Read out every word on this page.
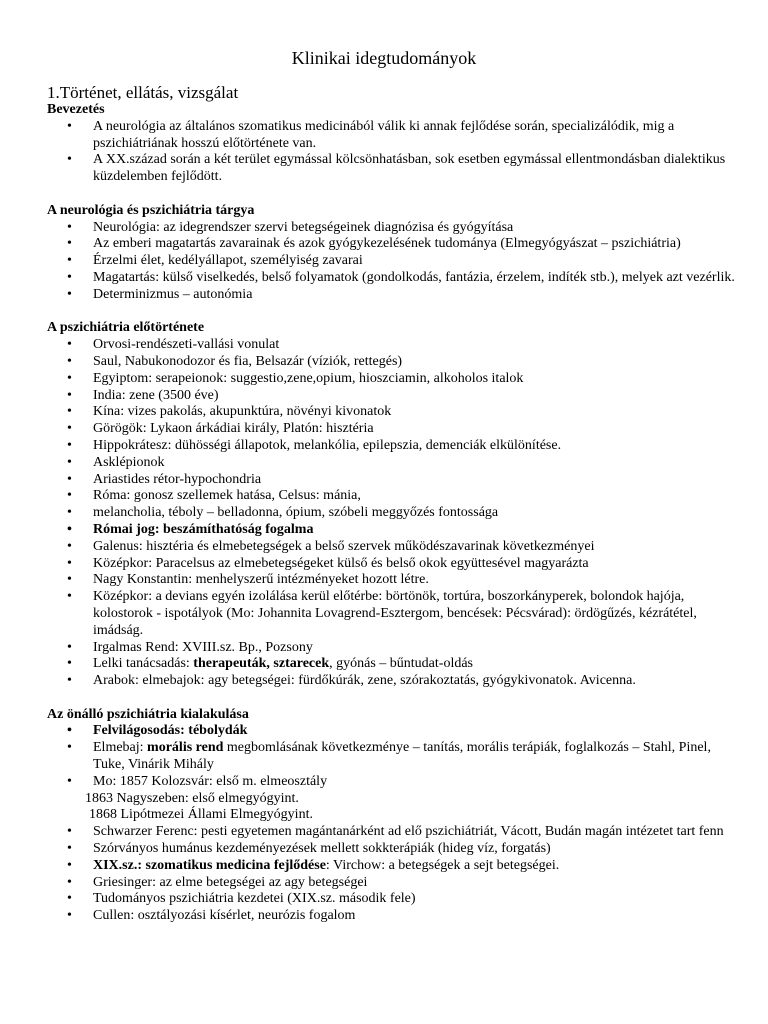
Klinikai idegtudományok
1.Történet, ellátás, vizsgálat
Bevezetés
• A neurológia az általános szomatikus medicinából válik ki annak fejlődése során, specializálódik, mig a pszichiátriának hosszú előtörténete van.
• A XX.század során a két terület egymással kölcsönhatásban, sok esetben egymással ellentmondásban dialektikus küzdelemben fejlődött.
A neurológia és pszichiátria tárgya
• Neurológia: az idegrendszer szervi betegségeinek diagnózisa és gyógyítása
• Az emberi magatartás zavarainak és azok gyógykezelésének tudománya (Elmegyógyászat – pszichiátria)
• Érzelmi élet, kedélyállapot, személyiség zavarai
• Magatartás: külső viselkedés, belső folyamatok (gondolkodás, fantázia, érzelem, indíték stb.), melyek azt vezérlik.
• Determinizmus – autonómia
A pszichiátria előtörténete
• Orvosi-rendészeti-vallási vonulat
• Saul, Nabukonodozor és fia, Belsazár (víziók, rettegés)
• Egyiptom: serapeionok: suggestio,zene,opium, hioszciamin, alkoholos italok
• India: zene (3500 éve)
• Kína: vizes pakolás, akupunktúra, növényi kivonatok
• Görögök: Lykaon árkádiai király, Platón: hisztéria
• Hippokrátesz: dühösségi állapotok, melankólia, epilepszia, demenciák elkülönítése.
• Asklépionok
• Ariastides rétor-hypochondria
• Róma: gonosz szellemek hatása, Celsus: mánia,
• melancholia, téboly – belladonna, ópium, szóbeli meggyőzés fontossága
• Római jog: beszámíthatóság fogalma
• Galenus: hisztéria és elmebetegségek a belső szervek működészavarinak következményei
• Középkor: Paracelsus az elmebetegségeket külső és belső okok együttesével magyarázta
• Nagy Konstantin: menhelyszerű intézményeket hozott létre.
• Középkor: a devians egyén izolálása kerül előtérbe: börtönök, tortúra, boszorkányperek, bolondok hajója, kolostorok - ispotályok (Mo: Johannita Lovagrend-Esztergom, bencések: Pécsvárad): ördögűzés, kézrátétel, imádság.
• Irgalmas Rend: XVIII.sz. Bp., Pozsony
• Lelki tanácsadás: therapeuták, sztarecek, gyónás – bűntudat-oldás
• Arabok: elmebajok: agy betegségei: fürdőkúrák, zene, szórakoztatás, gyógykivonatok. Avicenna.
Az önálló pszichiátria kialakulása
• Felvilágosodás: tébolydák
• Elmebaj: morális rend megbomlásának következménye – tanítás, morális terápiák, foglalkozás – Stahl, Pinel, Tuke, Vinárik Mihály
• Mo: 1857 Kolozsvár: első m. elmeosztály
1863 Nagyszeben: első elmegyógyint.
1868 Lipótmezei Állami Elmegyógyint.
• Schwarzer Ferenc: pesti egyetemen magántanárként ad elő pszichiátriát, Vácott, Budán magán intézetet tart fenn
• Szórványos humánus kezdeményezések mellett sokkterápiák (hideg víz, forgatás)
• XIX.sz.: szomatikus medicina fejlődése: Virchow: a betegségek a sejt betegségei.
• Griesinger: az elme betegségei az agy betegségei
• Tudományos pszichiátria kezdetei (XIX.sz. második fele)
• Cullen: osztályozási kísérlet, neurózis fogalom
